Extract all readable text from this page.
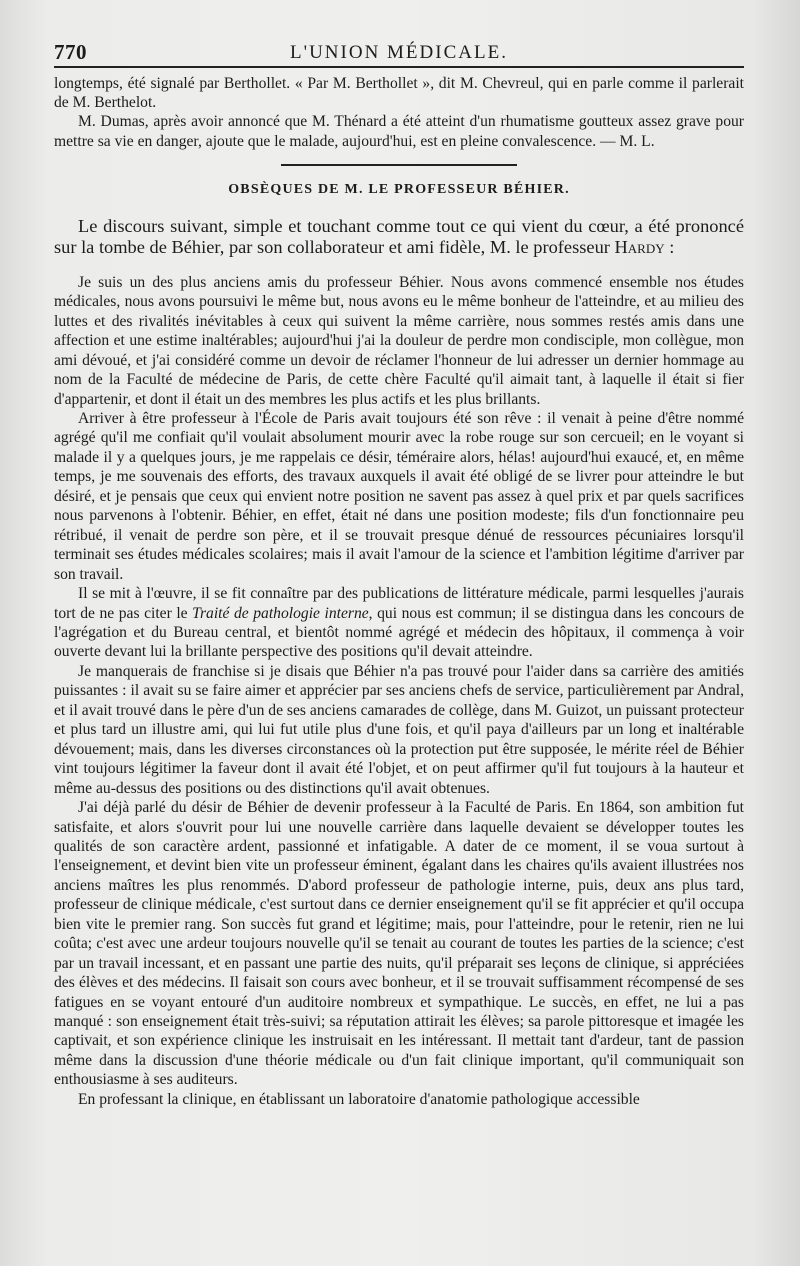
770	L'UNION MÉDICALE.

longtemps, été signalé par Berthollet. « Par M. Berthollet », dit M. Chevreul, qui en parle comme il parlerait de M. Berthelot.

M. Dumas, après avoir annoncé que M. Thénard a été atteint d'un rhumatisme goutteux assez grave pour mettre sa vie en danger, ajoute que le malade, aujourd'hui, est en pleine convalescence. — M. L.

OBSÈQUES DE M. LE PROFESSEUR BÉHIER.

Le discours suivant, simple et touchant comme tout ce qui vient du cœur, a été prononcé sur la tombe de Béhier, par son collaborateur et ami fidèle, M. le professeur Hardy :

Je suis un des plus anciens amis du professeur Béhier. Nous avons commencé ensemble nos études médicales, nous avons poursuivi le même but, nous avons eu le même bonheur de l'atteindre, et au milieu des luttes et des rivalités inévitables à ceux qui suivent la même carrière, nous sommes restés amis dans une affection et une estime inaltérables; aujourd'hui j'ai la douleur de perdre mon condisciple, mon collègue, mon ami dévoué, et j'ai considéré comme un devoir de réclamer l'honneur de lui adresser un dernier hommage au nom de la Faculté de médecine de Paris, de cette chère Faculté qu'il aimait tant, à laquelle il était si fier d'appartenir, et dont il était un des membres les plus actifs et les plus brillants.

Arriver à être professeur à l'École de Paris avait toujours été son rêve : il venait à peine d'être nommé agrégé qu'il me confiait qu'il voulait absolument mourir avec la robe rouge sur son cercueil; en le voyant si malade il y a quelques jours, je me rappelais ce désir, téméraire alors, hélas! aujourd'hui exaucé, et, en même temps, je me souvenais des efforts, des travaux auxquels il avait été obligé de se livrer pour atteindre le but désiré, et je pensais que ceux qui envient notre position ne savent pas assez à quel prix et par quels sacrifices nous parvenons à l'obtenir. Béhier, en effet, était né dans une position modeste; fils d'un fonctionnaire peu rétribué, il venait de perdre son père, et il se trouvait presque dénué de ressources pécuniaires lorsqu'il terminait ses études médicales scolaires; mais il avait l'amour de la science et l'ambition légitime d'arriver par son travail.

Il se mit à l'œuvre, il se fit connaître par des publications de littérature médicale, parmi lesquelles j'aurais tort de ne pas citer le Traité de pathologie interne, qui nous est commun; il se distingua dans les concours de l'agrégation et du Bureau central, et bientôt nommé agrégé et médecin des hôpitaux, il commença à voir ouverte devant lui la brillante perspective des positions qu'il devait atteindre.

Je manquerais de franchise si je disais que Béhier n'a pas trouvé pour l'aider dans sa carrière des amitiés puissantes : il avait su se faire aimer et apprécier par ses anciens chefs de service, particulièrement par Andral, et il avait trouvé dans le père d'un de ses anciens camarades de collège, dans M. Guizot, un puissant protecteur et plus tard un illustre ami, qui lui fut utile plus d'une fois, et qu'il paya d'ailleurs par un long et inaltérable dévouement; mais, dans les diverses circonstances où la protection put être supposée, le mérite réel de Béhier vint toujours légitimer la faveur dont il avait été l'objet, et on peut affirmer qu'il fut toujours à la hauteur et même au-dessus des positions ou des distinctions qu'il avait obtenues.

J'ai déjà parlé du désir de Béhier de devenir professeur à la Faculté de Paris. En 1864, son ambition fut satisfaite, et alors s'ouvrit pour lui une nouvelle carrière dans laquelle devaient se développer toutes les qualités de son caractère ardent, passionné et infatigable. A dater de ce moment, il se voua surtout à l'enseignement, et devint bien vite un professeur éminent, égalant dans les chaires qu'ils avaient illustrées nos anciens maîtres les plus renommés. D'abord professeur de pathologie interne, puis, deux ans plus tard, professeur de clinique médicale, c'est surtout dans ce dernier enseignement qu'il se fit apprécier et qu'il occupa bien vite le premier rang. Son succès fut grand et légitime; mais, pour l'atteindre, pour le retenir, rien ne lui coûta; c'est avec une ardeur toujours nouvelle qu'il se tenait au courant de toutes les parties de la science; c'est par un travail incessant, et en passant une partie des nuits, qu'il préparait ses leçons de clinique, si appréciées des élèves et des médecins. Il faisait son cours avec bonheur, et il se trouvait suffisamment récompensé de ses fatigues en se voyant entouré d'un auditoire nombreux et sympathique. Le succès, en effet, ne lui a pas manqué : son enseignement était très-suivi; sa réputation attirait les élèves; sa parole pittoresque et imagée les captivait, et son expérience clinique les instruisait en les intéressant. Il mettait tant d'ardeur, tant de passion même dans la discussion d'une théorie médicale ou d'un fait clinique important, qu'il communiquait son enthousiasme à ses auditeurs.

En professant la clinique, en établissant un laboratoire d'anatomie pathologique accessible
